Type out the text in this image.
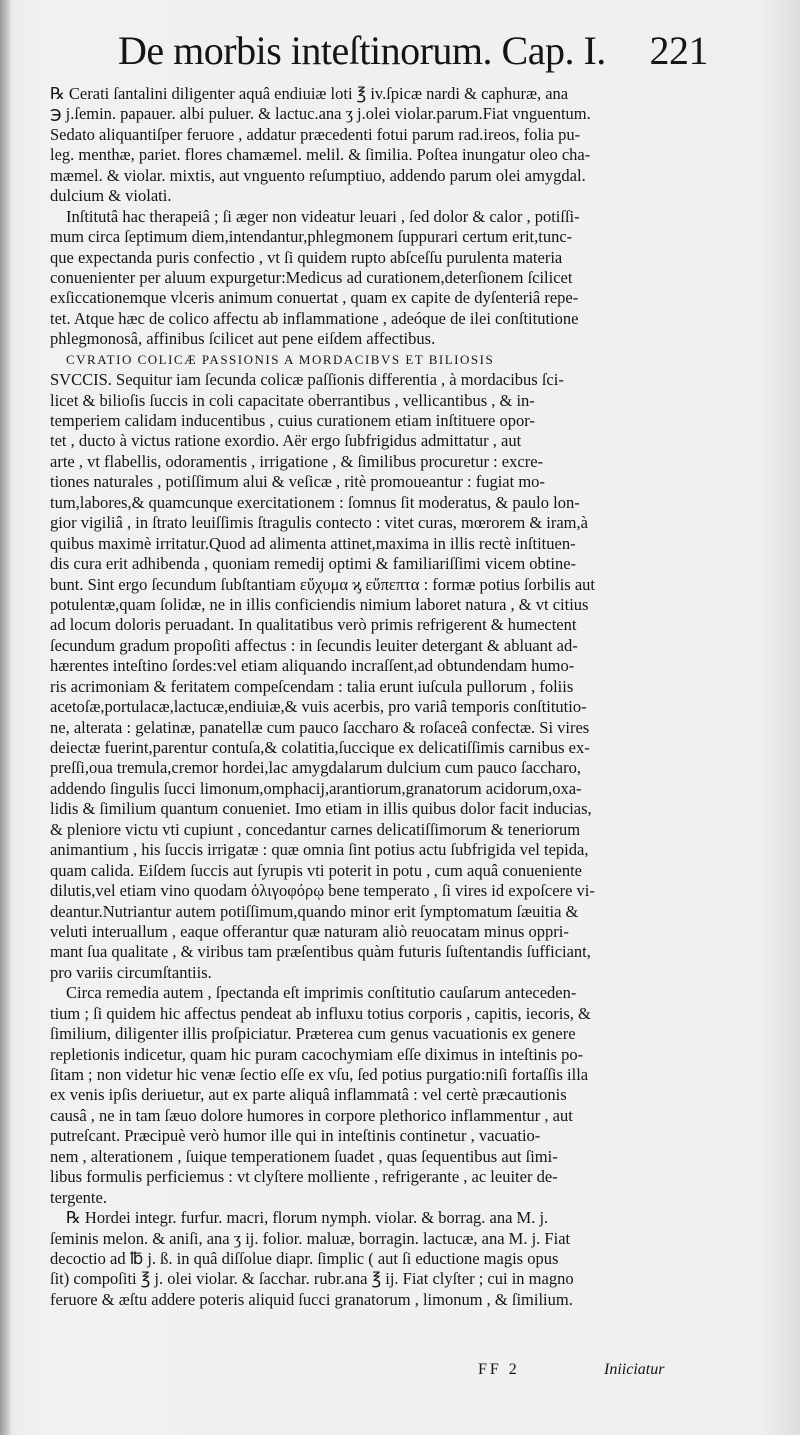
De morbis inteſtinorum. Cap. I. 221
℞ Cerati ſantalini diligenter aquâ endiuiæ loti ℥ iv.ſpicæ nardi & caphuræ, ana
℈ j.ſemin. papauer. albi puluer. & lactuc.ana ʒ j.olei violar.parum.Fiat vnguentum.
Sedato aliquantiſper feruore , addatur præcedenti fotui parum rad.ireos, folia pu-
leg. menthæ, pariet. flores chamæmel. melil. & ſimilia. Poſtea inungatur oleo cha-
mæmel. & violar. mixtis, aut vnguento reſumptiuo, addendo parum olei amygdal.
dulcium & violati.
Inſtitutâ hac therapeiâ ; ſi æger non videatur leuari , ſed dolor & calor , potiſſi-
mum circa ſeptimum diem,intendantur,phlegmonem ſuppurari certum erit,tunc-
que expectanda puris confectio , vt ſi quidem rupto abſceſſu purulenta materia
conuenienter per aluum expurgetur:Medicus ad curationem,deterſionem ſcilicet
exſiccationemque vlceris animum conuertat , quam ex capite de dyſenteriâ repe-
tet. Atque hæc de colico affectu ab inflammatione , adeóque de ilei conſtitutione
phlegmonosâ, affinibus ſcilicet aut pene eiſdem affectibus.
CVRATIO COLICÆ PASSIONIS A MORDACIBVS ET BILIOSIS
SVCCIS. Sequitur iam ſecunda colicæ paſſionis differentia , à mordacibus ſci-
licet & bilioſis ſuccis in coli capacitate oberrantibus , vellicantibus , & in-
temperiem calidam inducentibus , cuius curationem etiam inſtituere opor-
tet , ducto à victus ratione exordio. Aër ergo ſubfrigidus admittatur , aut
arte , vt flabellis, odoramentis , irrigatione , & ſimilibus procuretur : excre-
tiones naturales , potiſſimum alui & veſicæ , ritè promoueantur : fugiat mo-
tum,labores,& quamcunque exercitationem : ſomnus ſit moderatus, & paulo lon-
gior vigiliâ , in ſtrato leuiſſimis ſtragulis contecto : vitet curas, mœrorem & iram,à
quibus maximè irritatur.Quod ad alimenta attinet,maxima in illis rectè inſtituen-
dis cura erit adhibenda , quoniam remedij optimi & familiariſſimi vicem obtine-
bunt. Sint ergo ſecundum ſubſtantiam εὔχυμα ϗ εὔπεπτα : formæ potius ſorbilis aut
potulentæ,quam ſolidæ, ne in illis conficiendis nimium laboret natura , & vt citius
ad locum doloris peruadant. In qualitatibus verò primis refrigerent & humectent
ſecundum gradum propoſiti affectus : in ſecundis leuiter detergant & abluant ad-
hærentes inteſtino ſordes:vel etiam aliquando incraſſent,ad obtundendam humo-
ris acrimoniam & feritatem compeſcendam : talia erunt iuſcula pullorum , foliis
acetoſæ,portulacæ,lactucæ,endiuiæ,& vuis acerbis, pro variâ temporis conſtitutio-
ne, alterata : gelatinæ, panatellæ cum pauco ſaccharo & roſaceâ confectæ. Si vires
deiectæ fuerint,parentur contuſa,& colatitia,ſuccique ex delicatiſſimis carnibus ex-
preſſi,oua tremula,cremor hordei,lac amygdalarum dulcium cum pauco ſaccharo,
addendo ſingulis ſucci limonum,omphacij,arantiorum,granatorum acidorum,oxa-
lidis & ſimilium quantum conueniet. Imo etiam in illis quibus dolor facit inducias,
& pleniore victu vti cupiunt , concedantur carnes delicatiſſimorum & teneriorum
animantium , his ſuccis irrigatæ : quæ omnia ſint potius actu ſubfrigida vel tepida,
quam calida. Eiſdem ſuccis aut ſyrupis vti poterit in potu , cum aquâ conueniente
dilutis,vel etiam vino quodam ὀλιγοφόρῳ bene temperato , ſi vires id expoſcere vi-
deantur.Nutriantur autem potiſſimum,quando minor erit ſymptomatum ſæuitia &
veluti interuallum , eaque offerantur quæ naturam aliò reuocatam minus oppri-
mant ſua qualitate , & viribus tam præſentibus quàm futuris ſuſtentandis ſufficiant,
pro variis circumſtantiis.
Circa remedia autem , ſpectanda eſt imprimis conſtitutio cauſarum anteceden-
tium ; ſi quidem hic affectus pendeat ab influxu totius corporis , capitis, iecoris, &
ſimilium, diligenter illis proſpiciatur. Præterea cum genus vacuationis ex genere
repletionis indicetur, quam hic puram cacochymiam eſſe diximus in inteſtinis po-
ſitam ; non videtur hic venæ ſectio eſſe ex vſu, ſed potius purgatio:niſi fortaſſis illa
ex venis ipſis deriuetur, aut ex parte aliquâ inflammatâ : vel certè præcautionis
causâ , ne in tam ſæuo dolore humores in corpore plethorico inflammentur , aut
putreſcant. Præcipuè verò humor ille qui in inteſtinis continetur , vacuatio-
nem , alterationem , ſuique temperationem ſuadet , quas ſequentibus aut ſimi-
libus formulis perficiemus : vt clyſtere molliente , refrigerante , ac leuiter de-
tergente.
℞ Hordei integr. furfur. macri, florum nymph. violar. & borrag. ana M. j.
ſeminis melon. & aniſi, ana ʒ ij. folior. maluæ, borragin. lactucæ, ana M. j. Fiat
decoctio ad ℔ j. ß. in quâ diſſolue diapr. ſimplic ( aut ſi eductione magis opus
ſit) compoſiti ℥ j. olei violar. & ſacchar. rubr.ana ℥ ij. Fiat clyſter ; cui in magno
feruore & æſtu addere poteris aliquid ſucci granatorum , limonum , & ſimilium.
FF 2	Iniiciatur
